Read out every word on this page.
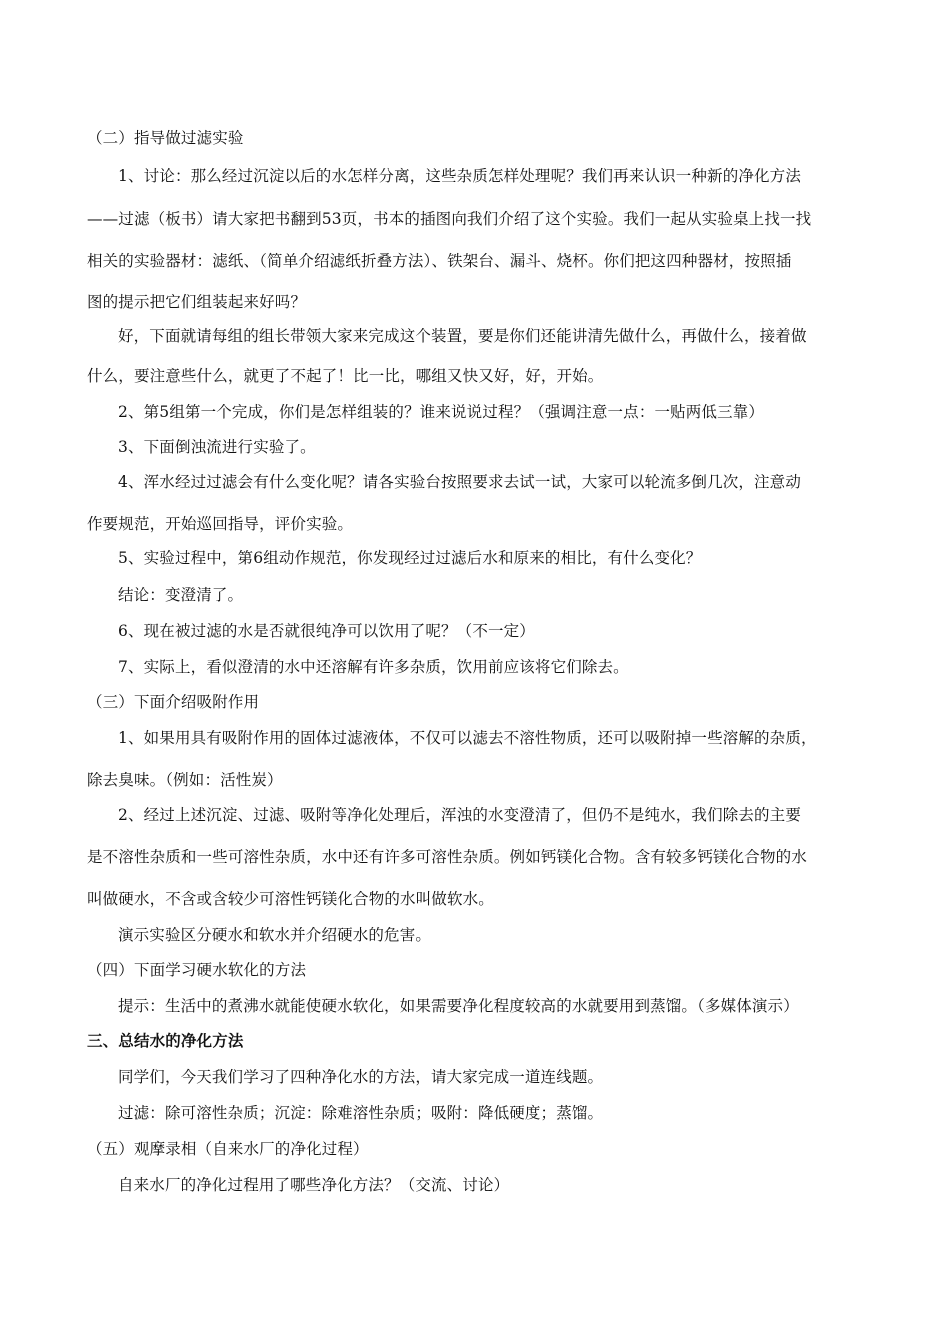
（二）指导做过滤实验
1、讨论：那么经过沉淀以后的水怎样分离，这些杂质怎样处理呢？我们再来认识一种新的净化方法
——过滤（板书）请大家把书翻到53页，书本的插图向我们介绍了这个实验。我们一起从实验桌上找一找
相关的实验器材：滤纸、（简单介绍滤纸折叠方法）、铁架台、漏斗、烧杯。你们把这四种器材，按照插
图的提示把它们组装起来好吗？
好，下面就请每组的组长带领大家来完成这个装置，要是你们还能讲清先做什么，再做什么，接着做
什么，要注意些什么，就更了不起了！比一比，哪组又快又好，好，开始。
2、第5组第一个完成，你们是怎样组装的？谁来说说过程？（强调注意一点：一贴两低三靠）
3、下面倒浊流进行实验了。
4、浑水经过过滤会有什么变化呢？请各实验台按照要求去试一试，大家可以轮流多倒几次，注意动
作要规范，开始巡回指导，评价实验。
5、实验过程中，第6组动作规范，你发现经过过滤后水和原来的相比，有什么变化？
结论：变澄清了。
6、现在被过滤的水是否就很纯净可以饮用了呢？（不一定）
7、实际上，看似澄清的水中还溶解有许多杂质，饮用前应该将它们除去。
（三）下面介绍吸附作用
1、如果用具有吸附作用的固体过滤液体，不仅可以滤去不溶性物质，还可以吸附掉一些溶解的杂质，
除去臭味。（例如：活性炭）
2、经过上述沉淀、过滤、吸附等净化处理后，浑浊的水变澄清了，但仍不是纯水，我们除去的主要
是不溶性杂质和一些可溶性杂质，水中还有许多可溶性杂质。例如钙镁化合物。含有较多钙镁化合物的水
叫做硬水，不含或含较少可溶性钙镁化合物的水叫做软水。
演示实验区分硬水和软水并介绍硬水的危害。
（四）下面学习硬水软化的方法
提示：生活中的煮沸水就能使硬水软化，如果需要净化程度较高的水就要用到蒸馏。（多媒体演示）
三、总结水的净化方法
同学们，今天我们学习了四种净化水的方法，请大家完成一道连线题。
过滤：除可溶性杂质；沉淀：除难溶性杂质；吸附：降低硬度；蒸馏。
（五）观摩录相（自来水厂的净化过程）
自来水厂的净化过程用了哪些净化方法？（交流、讨论）
